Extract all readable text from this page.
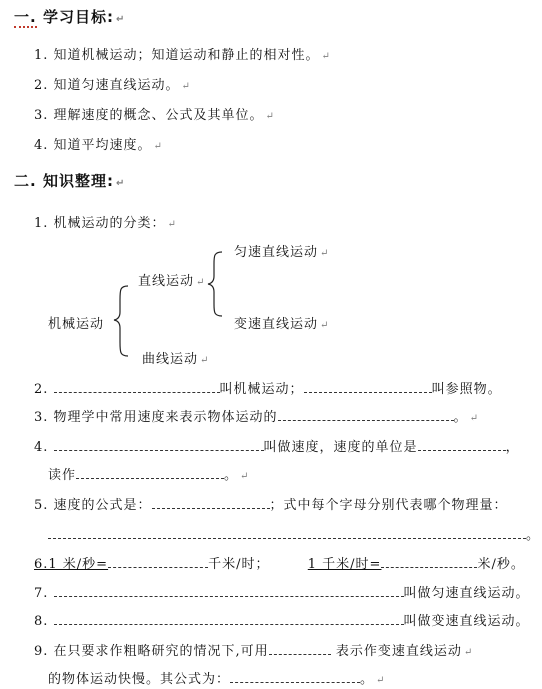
一. 学习目标: ↵
1. 知道机械运动；知道运动和静止的相对性。 ↵
2. 知道匀速直线运动。 ↵
3. 理解速度的概念、公式及其单位。 ↵
4. 知道平均速度。 ↵
二. 知识整理: ↵
1. 机械运动的分类： ↵
机械运动
直线运动 ↵
匀速直线运动 ↵
变速直线运动 ↵
曲线运动 ↵
2.	叫机械运动；	叫参照物。
3. 物理学中常用速度来表示物体运动的	。 ↵
4.	叫做速度，速度的单位是	，
读作	。 ↵
5. 速度的公式是：	；式中每个字母分别代表哪个物理量：
。
6.1 米/秒=	千米/时；	1 千米/时=	米/秒。
7.	叫做匀速直线运动。
8.	叫做变速直线运动。
9. 在只要求作粗略研究的情况下,可用	表示作变速直线运动 ↵
的物体运动快慢。其公式为：	。 ↵
